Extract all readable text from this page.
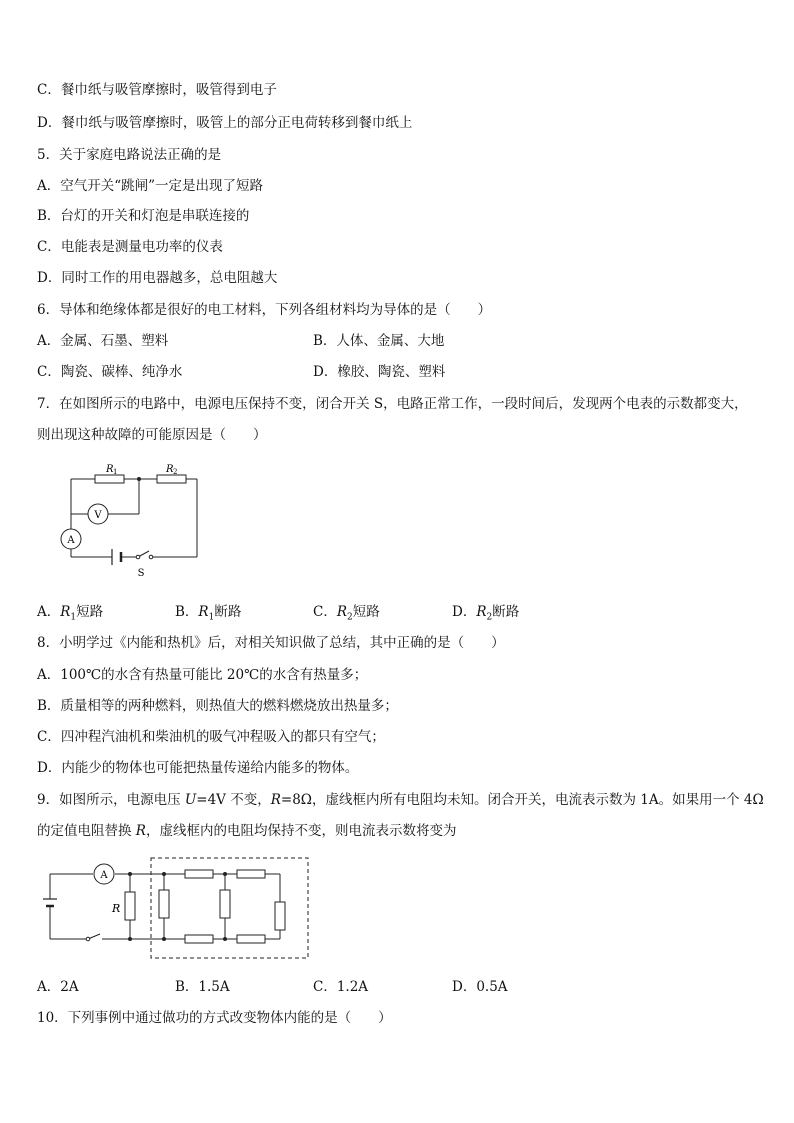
C．餐巾纸与吸管摩擦时，吸管得到电子
D．餐巾纸与吸管摩擦时，吸管上的部分正电荷转移到餐巾纸上
5．关于家庭电路说法正确的是
A．空气开关“跳闸”一定是出现了短路
B．台灯的开关和灯泡是串联连接的
C．电能表是测量电功率的仪表
D．同时工作的用电器越多，总电阻越大
6．导体和绝缘体都是很好的电工材料，下列各组材料均为导体的是（　　）
A．金属、石墨、塑料	B．人体、金属、大地
C．陶瓷、碳棒、纯净水	D．橡胶、陶瓷、塑料
7．在如图所示的电路中，电源电压保持不变，闭合开关 S，电路正常工作，一段时间后，发现两个电表的示数都变大，
则出现这种故障的可能原因是（　　）
R 1	R 2
V
A
S
A．$R_1$短路	B．$R_1$断路	C．$R_2$短路	D．$R_2$断路
8．小明学过《内能和热机》后，对相关知识做了总结，其中正确的是（　　）
A．100℃的水含有热量可能比 20℃的水含有热量多；
B．质量相等的两种燃料，则热值大的燃料燃烧放出热量多；
C．四冲程汽油机和柴油机的吸气冲程吸入的都只有空气；
D．内能少的物体也可能把热量传递给内能多的物体。
9．如图所示，电源电压 U=4V 不变，R=8Ω，虚线框内所有电阻均未知。闭合开关，电流表示数为 1A。如果用一个 4Ω
的定值电阻替换 R，虚线框内的电阻均保持不变，则电流表示数将变为
A
R
A．2A	B．1.5A	C．1.2A	D．0.5A
10．下列事例中通过做功的方式改变物体内能的是（　　）
